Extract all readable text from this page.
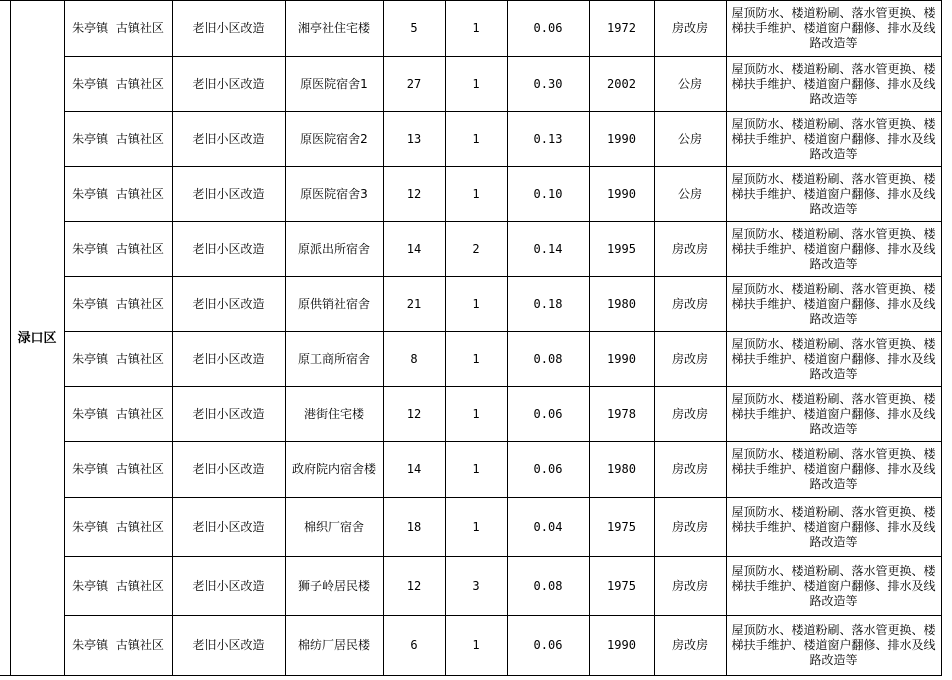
	渌口区	朱亭镇 古镇社区	老旧小区改造	湘亭社住宅楼	5	1	0.06	1972	房改房	屋顶防水、楼道粉刷、落水管更换、楼梯扶手维护、楼道窗户翻修、排水及线路改造等
		朱亭镇 古镇社区	老旧小区改造	原医院宿舍1	27	1	0.30	2002	公房	屋顶防水、楼道粉刷、落水管更换、楼梯扶手维护、楼道窗户翻修、排水及线路改造等
		朱亭镇 古镇社区	老旧小区改造	原医院宿舍2	13	1	0.13	1990	公房	屋顶防水、楼道粉刷、落水管更换、楼梯扶手维护、楼道窗户翻修、排水及线路改造等
		朱亭镇 古镇社区	老旧小区改造	原医院宿舍3	12	1	0.10	1990	公房	屋顶防水、楼道粉刷、落水管更换、楼梯扶手维护、楼道窗户翻修、排水及线路改造等
		朱亭镇 古镇社区	老旧小区改造	原派出所宿舍	14	2	0.14	1995	房改房	屋顶防水、楼道粉刷、落水管更换、楼梯扶手维护、楼道窗户翻修、排水及线路改造等
		朱亭镇 古镇社区	老旧小区改造	原供销社宿舍	21	1	0.18	1980	房改房	屋顶防水、楼道粉刷、落水管更换、楼梯扶手维护、楼道窗户翻修、排水及线路改造等
		朱亭镇 古镇社区	老旧小区改造	原工商所宿舍	8	1	0.08	1990	房改房	屋顶防水、楼道粉刷、落水管更换、楼梯扶手维护、楼道窗户翻修、排水及线路改造等
		朱亭镇 古镇社区	老旧小区改造	港街住宅楼	12	1	0.06	1978	房改房	屋顶防水、楼道粉刷、落水管更换、楼梯扶手维护、楼道窗户翻修、排水及线路改造等
		朱亭镇 古镇社区	老旧小区改造	政府院内宿舍楼	14	1	0.06	1980	房改房	屋顶防水、楼道粉刷、落水管更换、楼梯扶手维护、楼道窗户翻修、排水及线路改造等
		朱亭镇 古镇社区	老旧小区改造	棉织厂宿舍	18	1	0.04	1975	房改房	屋顶防水、楼道粉刷、落水管更换、楼梯扶手维护、楼道窗户翻修、排水及线路改造等
		朱亭镇 古镇社区	老旧小区改造	狮子岭居民楼	12	3	0.08	1975	房改房	屋顶防水、楼道粉刷、落水管更换、楼梯扶手维护、楼道窗户翻修、排水及线路改造等
		朱亭镇 古镇社区	老旧小区改造	棉纺厂居民楼	6	1	0.06	1990	房改房	屋顶防水、楼道粉刷、落水管更换、楼梯扶手维护、楼道窗户翻修、排水及线路改造等
